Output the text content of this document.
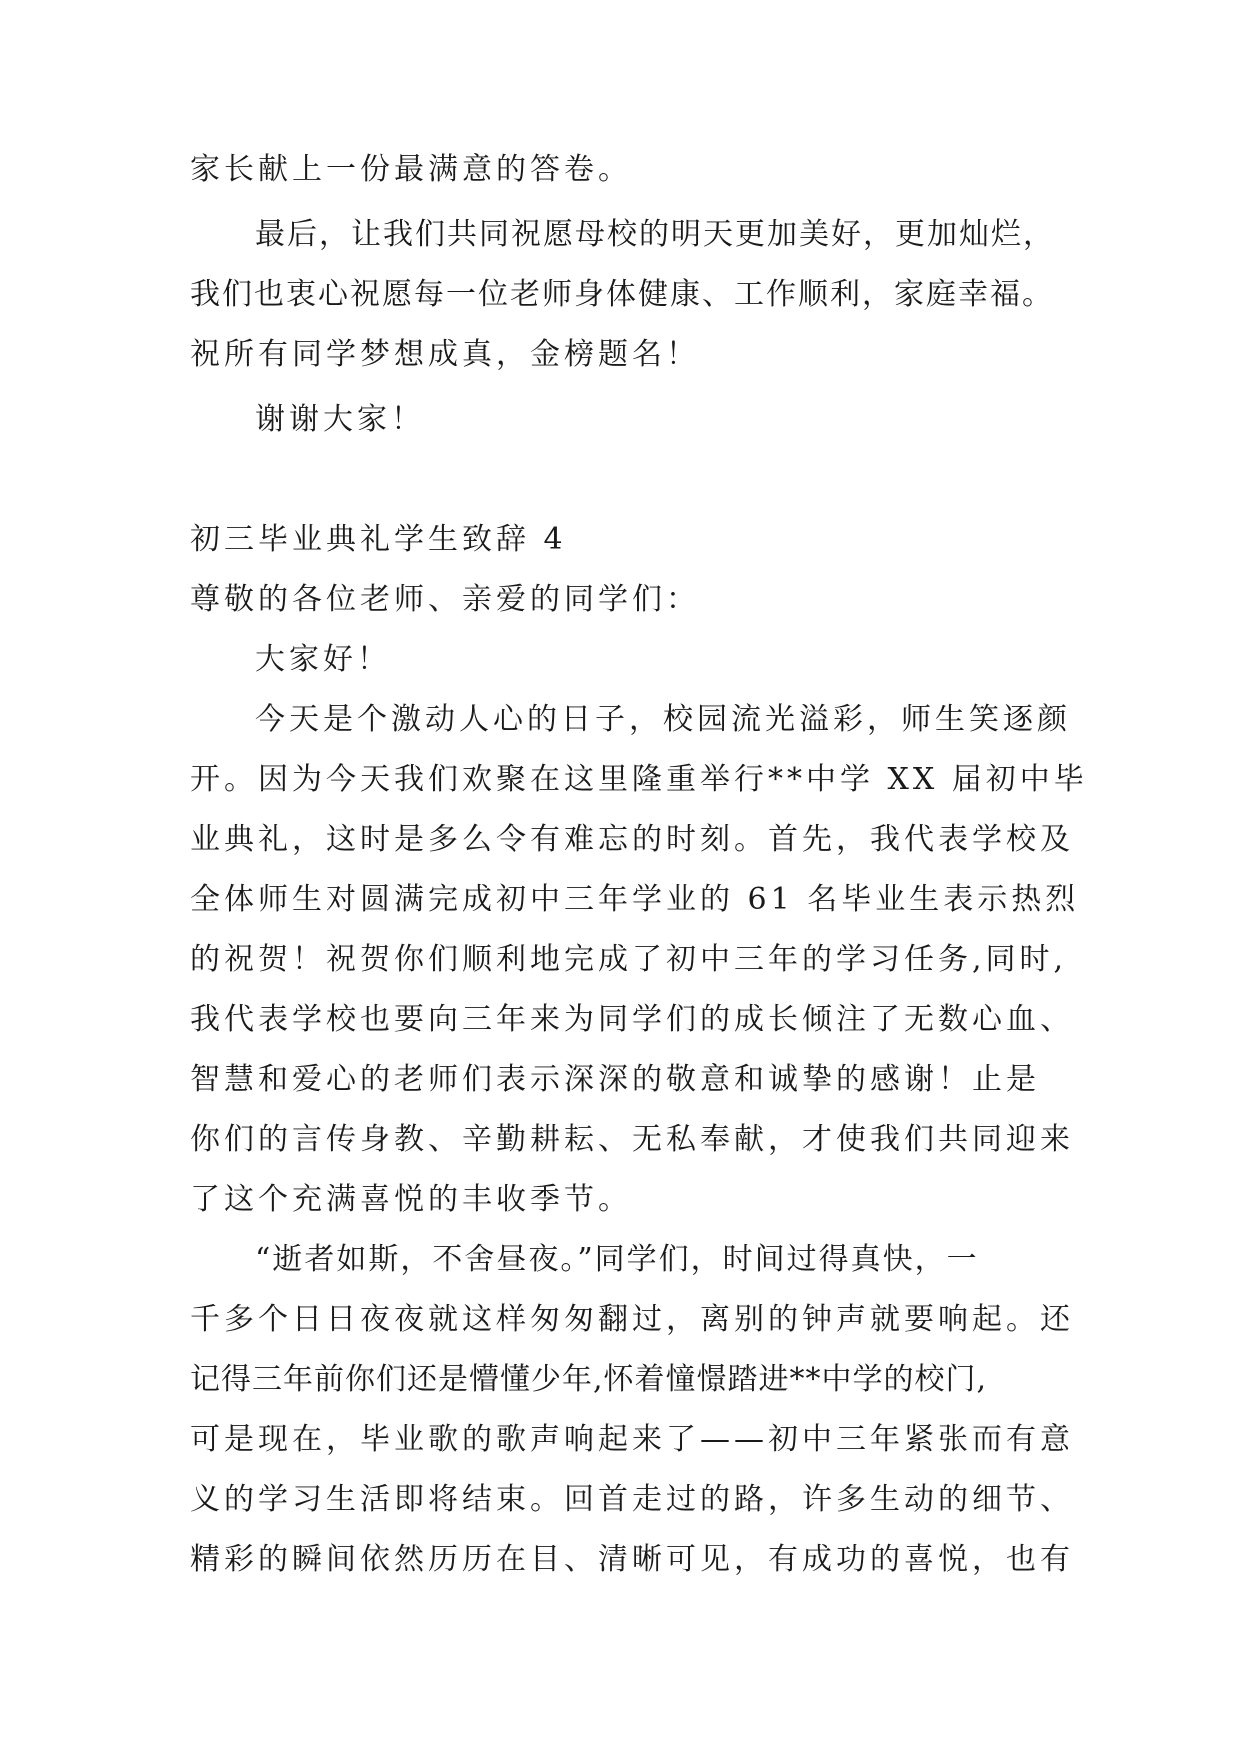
家长献上一份最满意的答卷。
最后，让我们共同祝愿母校的明天更加美好，更加灿烂，
我们也衷心祝愿每一位老师身体健康、工作顺利，家庭幸福。
祝所有同学梦想成真，金榜题名！
谢谢大家！
初三毕业典礼学生致辞 4
尊敬的各位老师、亲爱的同学们：
大家好！
今天是个激动人心的日子，校园流光溢彩，师生笑逐颜
开。因为今天我们欢聚在这里隆重举行**中学 XX 届初中毕
业典礼，这时是多么令有难忘的时刻。首先，我代表学校及
全体师生对圆满完成初中三年学业的 61 名毕业生表示热烈
的祝贺！祝贺你们顺利地完成了初中三年的学习任务,同时,
我代表学校也要向三年来为同学们的成长倾注了无数心血、
智慧和爱心的老师们表示深深的敬意和诚挚的感谢！止是
你们的言传身教、辛勤耕耘、无私奉献，才使我们共同迎来
了这个充满喜悦的丰收季节。
“逝者如斯，不舍昼夜。”同学们，时间过得真快，一
千多个日日夜夜就这样匆匆翻过，离别的钟声就要响起。还
记得三年前你们还是懵懂少年,怀着憧憬踏进**中学的校门,
可是现在，毕业歌的歌声响起来了——初中三年紧张而有意
义的学习生活即将结束。回首走过的路，许多生动的细节、
精彩的瞬间依然历历在目、清晰可见，有成功的喜悦，也有
